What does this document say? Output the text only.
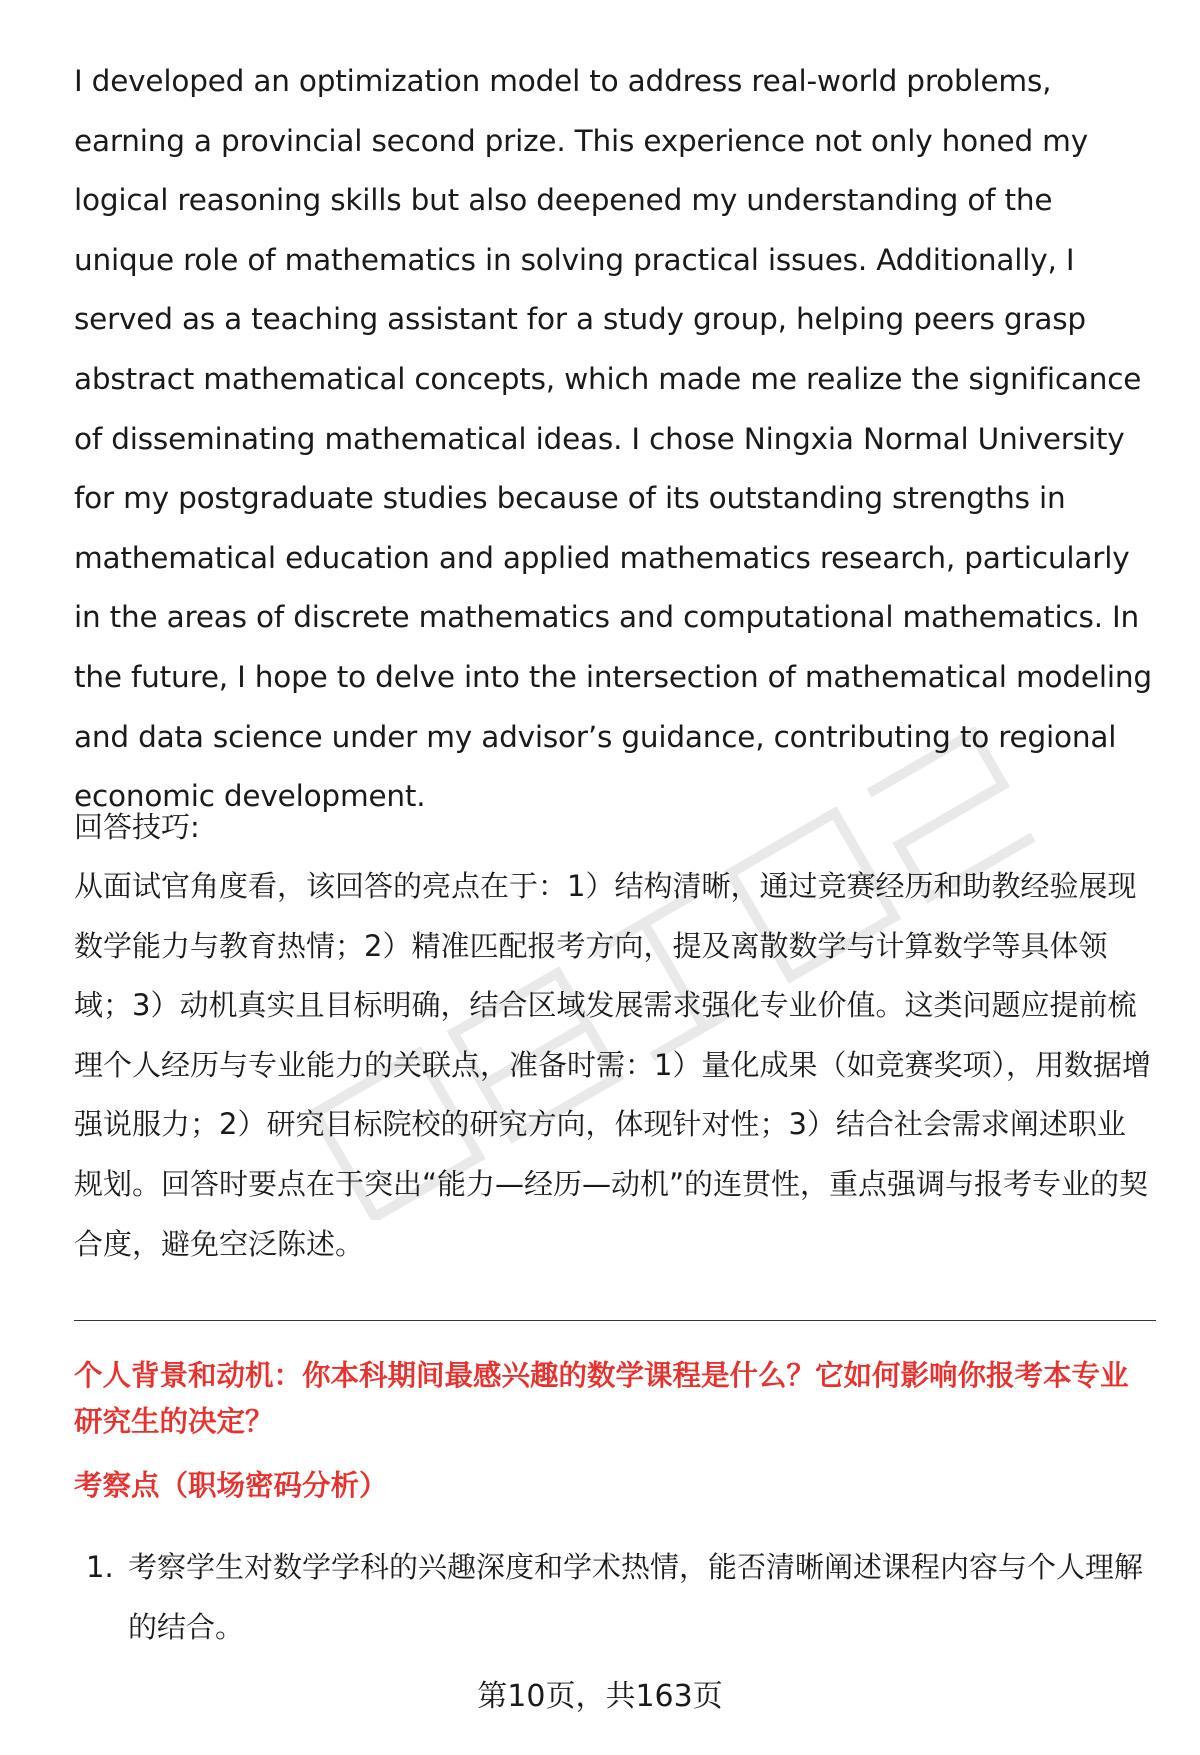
I developed an optimization model to address real-world problems, earning a provincial second prize. This experience not only honed my logical reasoning skills but also deepened my understanding of the unique role of mathematics in solving practical issues. Additionally, I served as a teaching assistant for a study group, helping peers grasp abstract mathematical concepts, which made me realize the significance of disseminating mathematical ideas. I chose Ningxia Normal University for my postgraduate studies because of its outstanding strengths in mathematical education and applied mathematics research, particularly in the areas of discrete mathematics and computational mathematics. In the future, I hope to delve into the intersection of mathematical modeling and data science under my advisor’s guidance, contributing to regional economic development.

回答技巧:

从面试官角度看，该回答的亮点在于：1）结构清晰，通过竞赛经历和助教经验展现数学能力与教育热情；2）精准匹配报考方向，提及离散数学与计算数学等具体领域；3）动机真实且目标明确，结合区域发展需求强化专业价值。这类问题应提前梳理个人经历与专业能力的关联点，准备时需：1）量化成果（如竞赛奖项），用数据增强说服力；2）研究目标院校的研究方向，体现针对性；3）结合社会需求阐述职业规划。回答时要点在于突出“能力—经历—动机”的连贯性，重点强调与报考专业的契合度，避免空泛陈述。

个人背景和动机：你本科期间最感兴趣的数学课程是什么？它如何影响你报考本专业研究生的决定？

考察点（职场密码分析）

1. 考察学生对数学学科的兴趣深度和学术热情，能否清晰阐述课程内容与个人理解的结合。
第10页，共163页
